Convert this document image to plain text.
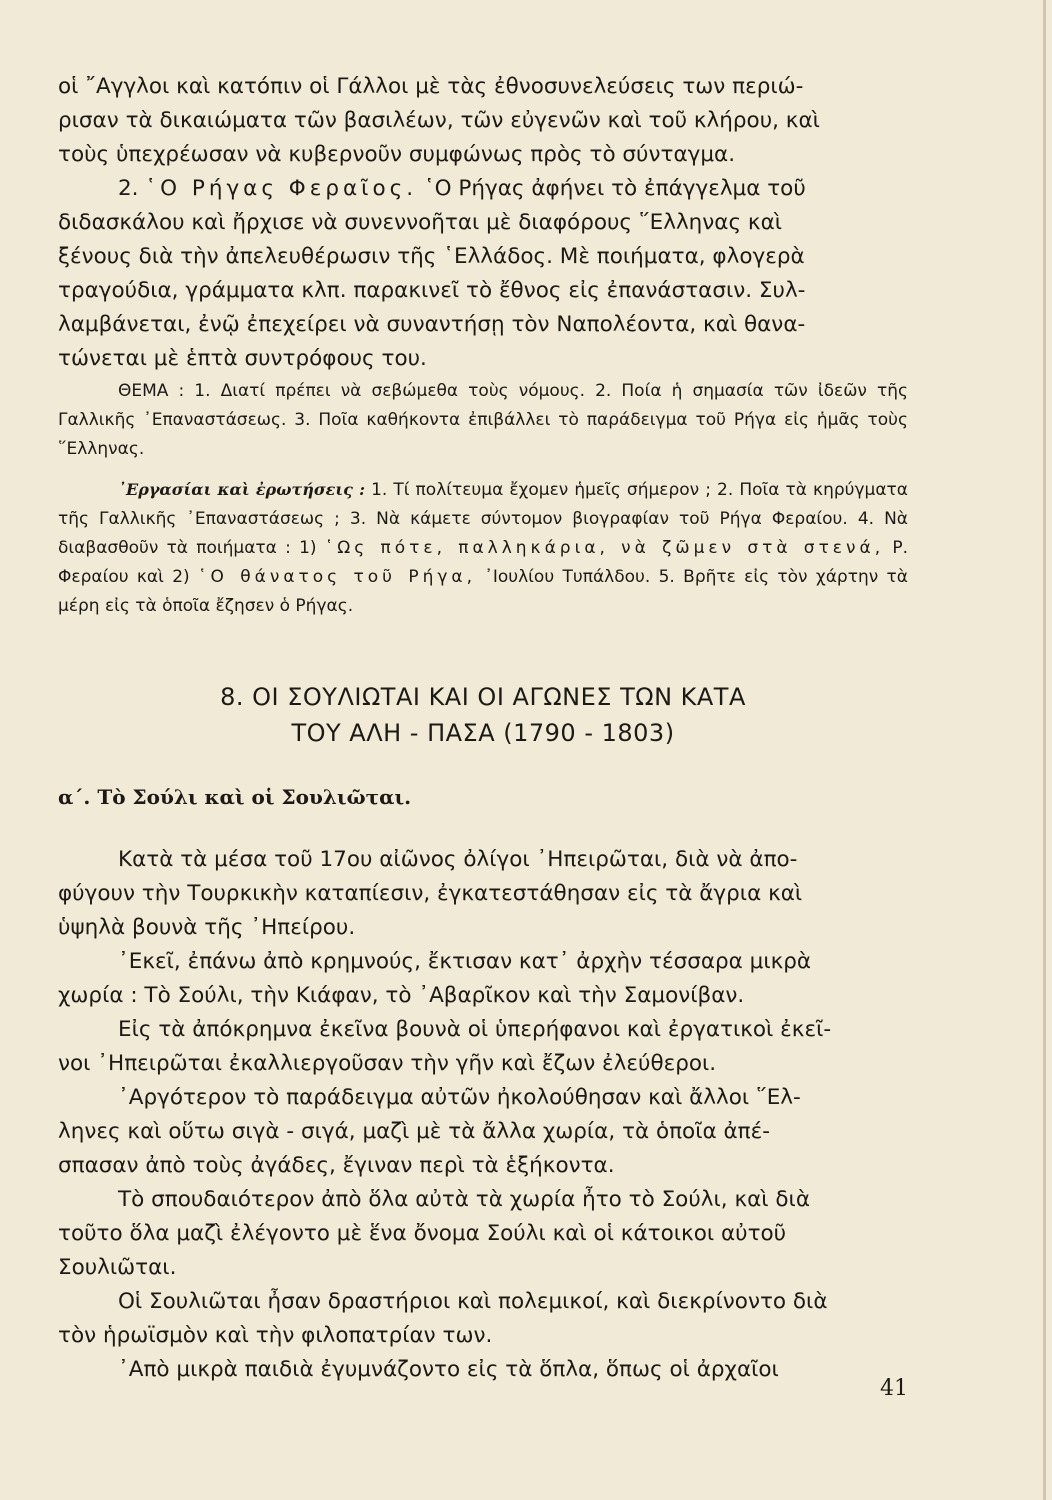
οἱ ῎Αγγλοι καὶ κατόπιν οἱ Γάλλοι μὲ τὰς ἐθνοσυνελεύσεις των περιώ-

ρισαν τὰ δικαιώματα τῶν βασιλέων, τῶν εὐγενῶν καὶ τοῦ κλήρου, καὶ

τοὺς ὑπεχρέωσαν νὰ κυβερνοῦν συμφώνως πρὸς τὸ σύνταγμα.

2. ῾Ο Ρήγας Φεραῖος. ῾Ο Ρήγας ἀφήνει τὸ ἐπάγγελμα τοῦ

διδασκάλου καὶ ἤρχισε νὰ συνεννοῆται μὲ διαφόρους ῞Ελληνας καὶ

ξένους διὰ τὴν ἀπελευθέρωσιν τῆς ῾Ελλάδος. Μὲ ποιήματα, φλογερὰ

τραγούδια, γράμματα κλπ. παρακινεῖ τὸ ἔθνος εἰς ἐπανάστασιν. Συλ-

λαμβάνεται, ἐνῷ ἐπεχείρει νὰ συναντήσῃ τὸν Ναπολέοντα, καὶ θανα-

τώνεται μὲ ἑπτὰ συντρόφους του.

ΘΕΜΑ : 1. Διατί πρέπει νὰ σεβώμεθα τοὺς νόμους. 2. Ποία ἡ σημασία τῶν ἰδεῶν τῆς Γαλλικῆς ᾿Επαναστάσεως. 3. Ποῖα καθήκοντα ἐπιβάλλει τὸ παράδειγμα τοῦ Ρήγα εἰς ἡμᾶς τοὺς ῞Ελληνας.

᾿Εργασίαι καὶ ἐρωτήσεις : 1. Τί πολίτευμα ἔχομεν ἡμεῖς σήμερον ; 2. Ποῖα τὰ κηρύγματα τῆς Γαλλικῆς ᾿Επαναστάσεως ; 3. Νὰ κάμετε σύντομον βιογραφίαν τοῦ Ρήγα Φεραίου. 4. Νὰ διαβασθοῦν τὰ ποιήματα : 1) ῾Ως πότε, παλληκάρια, νὰ ζῶμεν στὰ στενά, Ρ. Φεραίου καὶ 2) ῾Ο θάνατος τοῦ Ρήγα, ᾿Ιουλίου Τυπάλδου. 5. Βρῆτε εἰς τὸν χάρτην τὰ μέρη εἰς τὰ ὁποῖα ἔζησεν ὁ Ρήγας.

8. ΟΙ ΣΟΥΛΙΩΤΑΙ ΚΑΙ ΟΙ ΑΓΩΝΕΣ ΤΩΝ ΚΑΤΑ
ΤΟΥ ΑΛΗ - ΠΑΣΑ (1790 - 1803)
α΄. Τὸ Σούλι καὶ οἱ Σουλιῶται.

Κατὰ τὰ μέσα τοῦ 17ου αἰῶνος ὀλίγοι ᾿Ηπειρῶται, διὰ νὰ ἀπο-

φύγουν τὴν Τουρκικὴν καταπίεσιν, ἐγκατεστάθησαν εἰς τὰ ἄγρια καὶ

ὑψηλὰ βουνὰ τῆς ᾿Ηπείρου.

᾿Εκεῖ, ἐπάνω ἀπὸ κρημνούς, ἔκτισαν κατ᾿ ἀρχὴν τέσσαρα μικρὰ

χωρία : Τὸ Σούλι, τὴν Κιάφαν, τὸ ᾿Αβαρῖκον καὶ τὴν Σαμονίβαν.

Εἰς τὰ ἀπόκρημνα ἐκεῖνα βουνὰ οἱ ὑπερήφανοι καὶ ἐργατικοὶ ἐκεῖ-

νοι ᾿Ηπειρῶται ἐκαλλιεργοῦσαν τὴν γῆν καὶ ἔζων ἐλεύθεροι.

᾿Αργότερον τὸ παράδειγμα αὐτῶν ἠκολούθησαν καὶ ἄλλοι ῞Ελ-

ληνες καὶ οὕτω σιγὰ - σιγά, μαζὶ μὲ τὰ ἄλλα χωρία, τὰ ὁποῖα ἀπέ-

σπασαν ἀπὸ τοὺς ἀγάδες, ἔγιναν περὶ τὰ ἑξήκοντα.

Τὸ σπουδαιότερον ἀπὸ ὅλα αὐτὰ τὰ χωρία ἦτο τὸ Σούλι, καὶ διὰ

τοῦτο ὅλα μαζὶ ἐλέγοντο μὲ ἕνα ὄνομα Σούλι καὶ οἱ κάτοικοι αὐτοῦ

Σουλιῶται.

Οἱ Σουλιῶται ἦσαν δραστήριοι καὶ πολεμικοί, καὶ διεκρίνοντο διὰ

τὸν ἡρωϊσμὸν καὶ τὴν φιλοπατρίαν των.

᾿Απὸ μικρὰ παιδιὰ ἐγυμνάζοντο εἰς τὰ ὅπλα, ὅπως οἱ ἀρχαῖοι

41
